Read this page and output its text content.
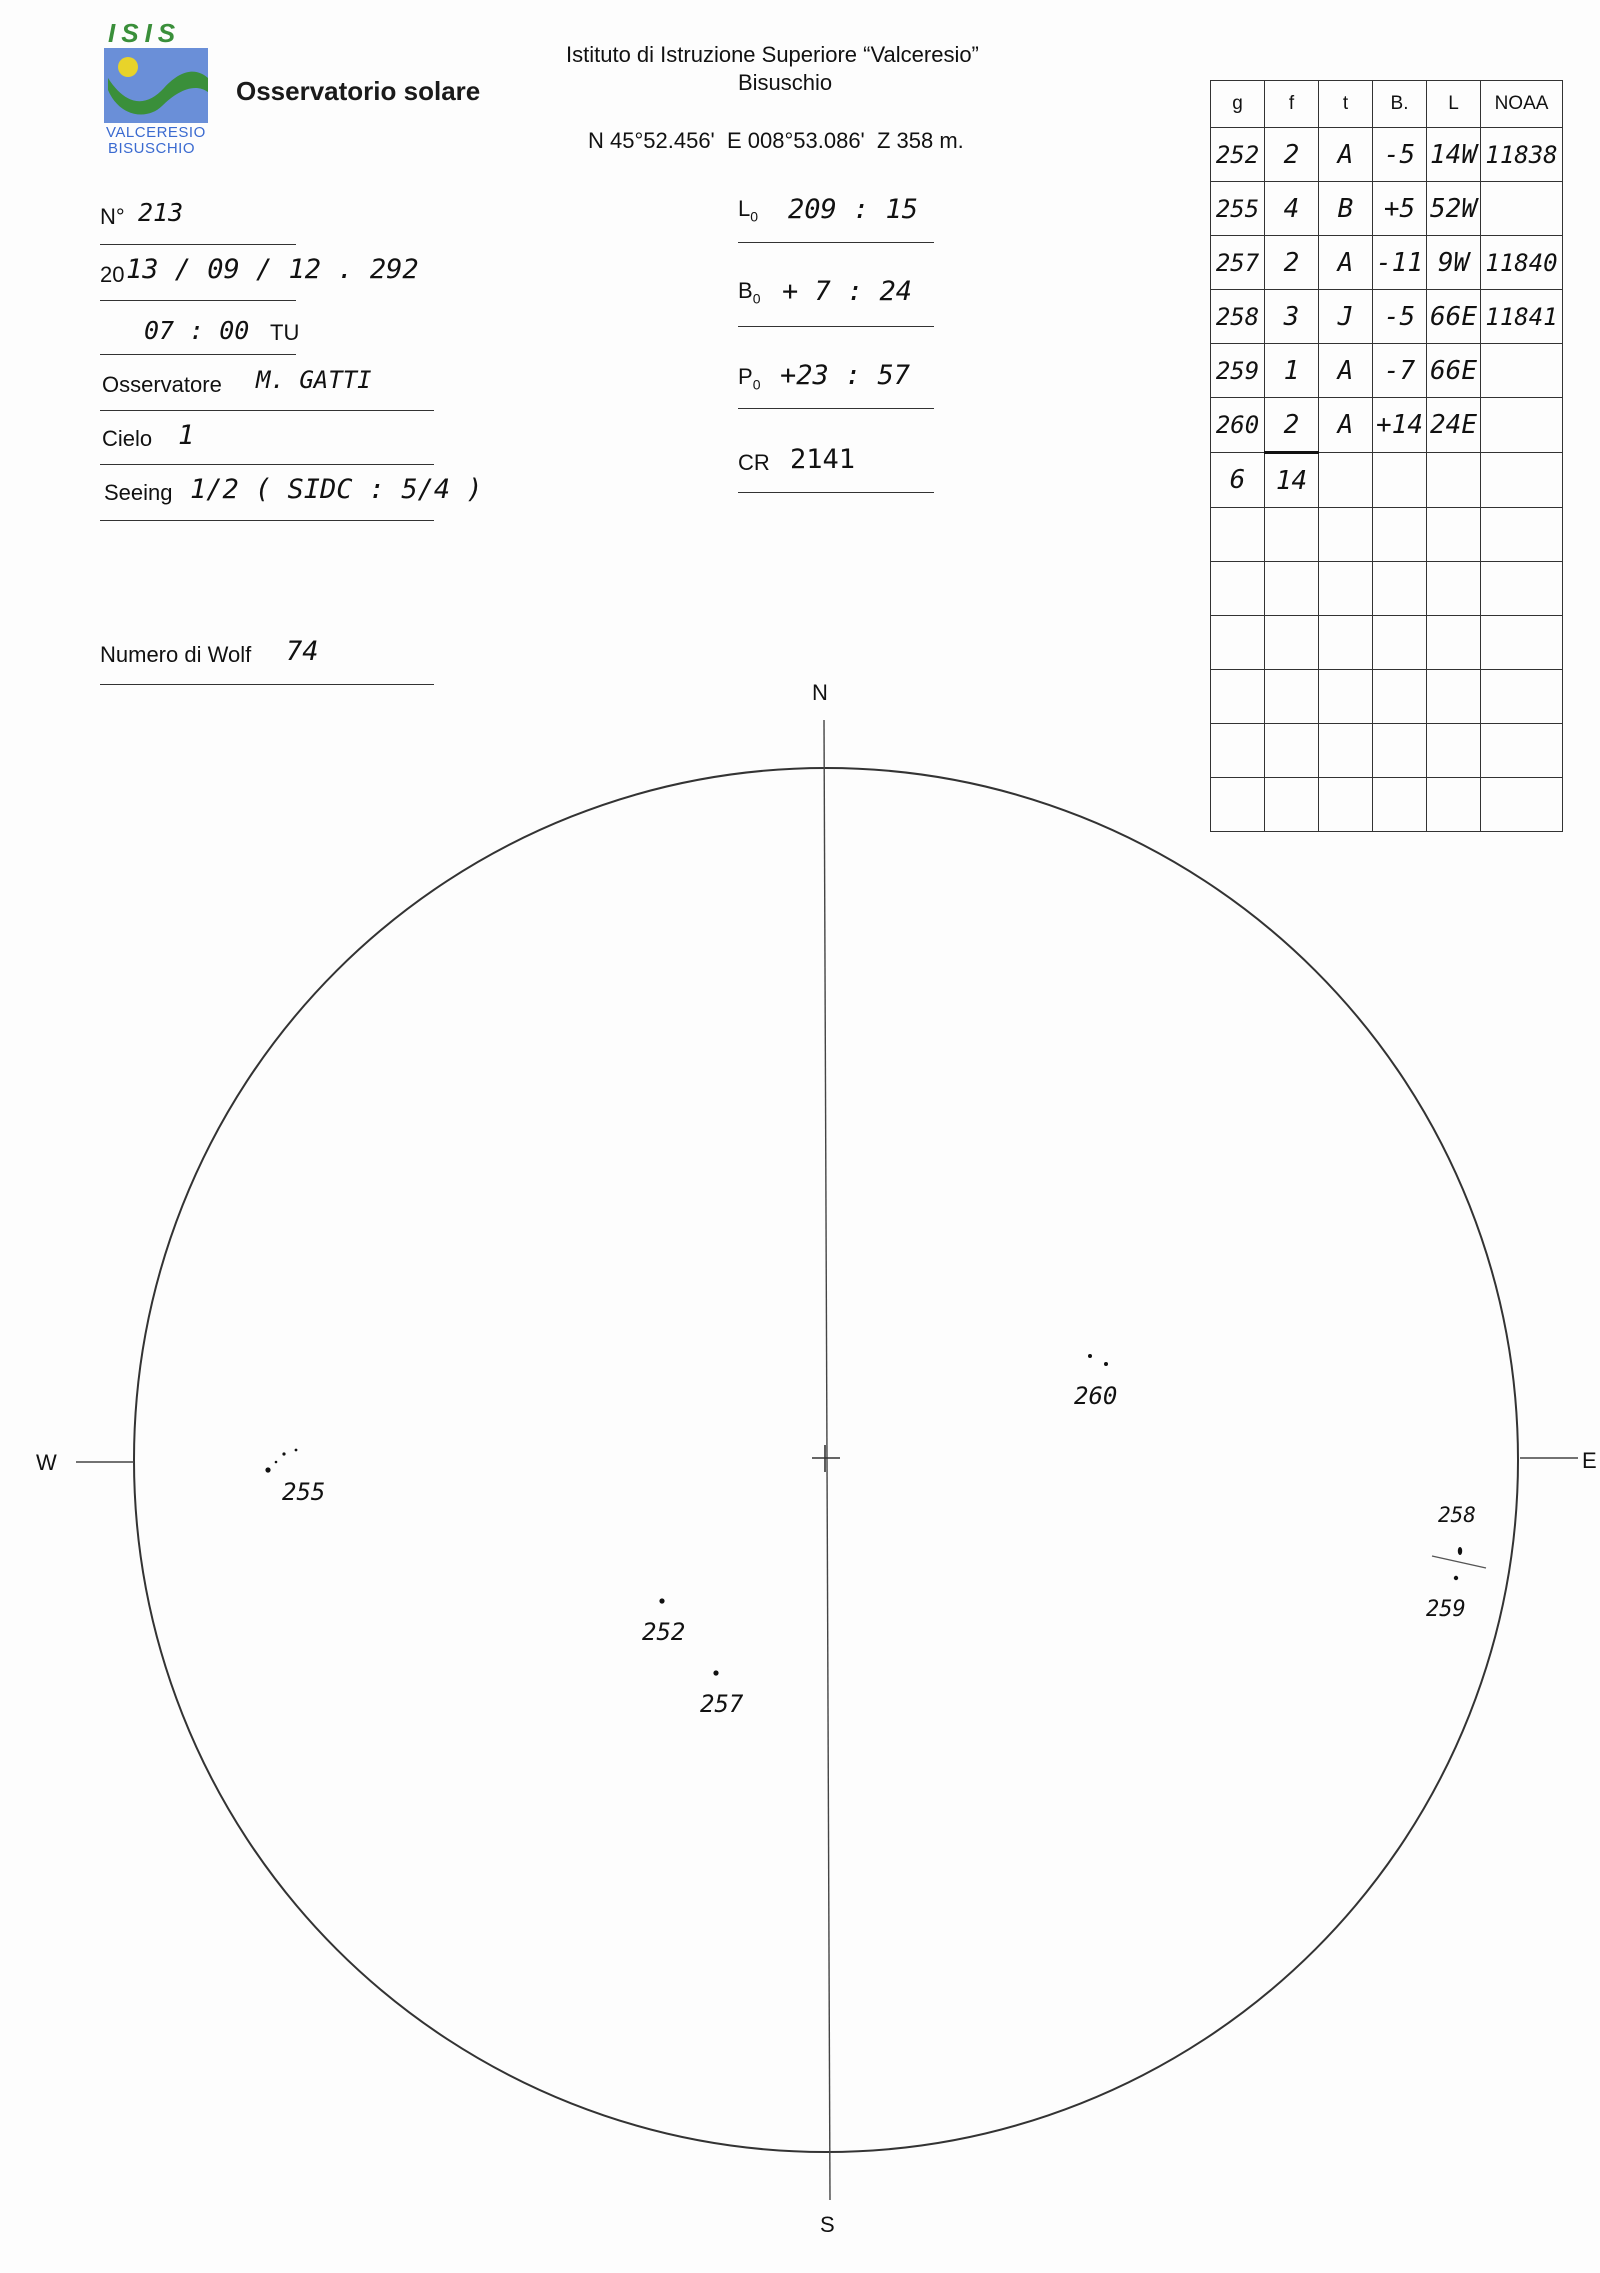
ISIS
VALCERESIO
BISUSCHIO
Osservatorio solare
Istituto di Istruzione Superiore “Valceresio”
Bisuschio
N 45°52.456'  E 008°53.086'  Z 358 m.
N° 213
20 13 / 09 / 12 . 292
07 : 00 TU
Osservatore M. GATTI
Cielo 1
Seeing 1/2 ( SIDC : 5/4 )
Numero di Wolf 74
$L_0$ 209 : 15
$B_0 + 7$ : 24
$P_0 +23$ : 57
CR 2141
g	f	t	B.	L	NOAA
252	2	A	-5	14W	11838
255	4	B	+5	52W	
257	2	A	-11	9W	11840
258	3	J	-5	66E	11841
259	1	A	-7	66E	
260	2	A	+14	24E	
6	14				

N
S
W	E
255
252
257
260
258
259
